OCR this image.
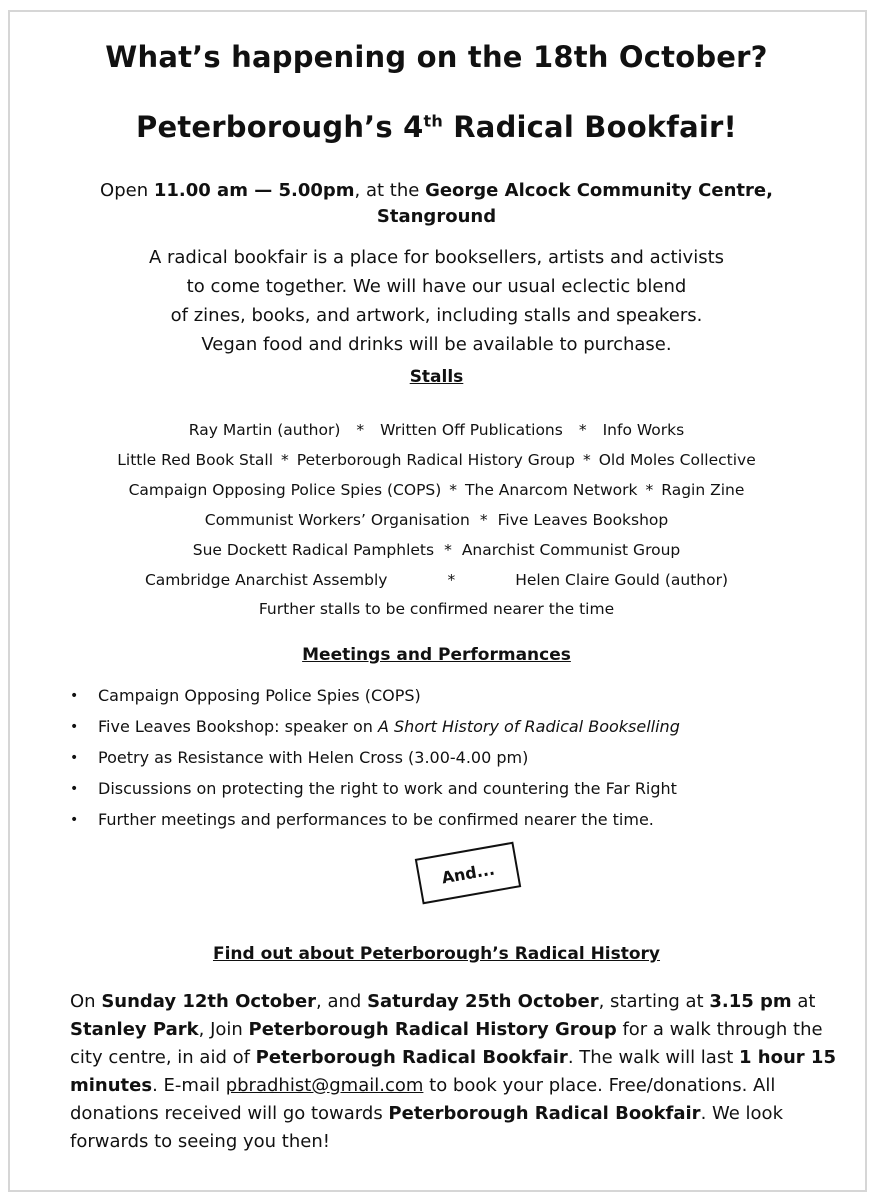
What’s happening on the 18th October?
Peterborough’s 4th Radical Bookfair!
Open 11.00 am — 5.00pm, at the George Alcock Community Centre,
Stanground
A radical bookfair is a place for booksellers, artists and activists
to come together. We will have our usual eclectic blend
of zines, books, and artwork, including stalls and speakers.
Vegan food and drinks will be available to purchase.
Stalls
Ray Martin (author) * Written Off Publications * Info Works
Little Red Book Stall * Peterborough Radical History Group * Old Moles Collective
Campaign Opposing Police Spies (COPS) * The Anarcom Network * Ragin Zine
Communist Workers’ Organisation * Five Leaves Bookshop
Sue Dockett Radical Pamphlets * Anarchist Communist Group
Cambridge Anarchist Assembly	*	Helen Claire Gould (author)
Further stalls to be confirmed nearer the time
Meetings and Performances
• Campaign Opposing Police Spies (COPS)
• Five Leaves Bookshop: speaker on A Short History of Radical Bookselling
• Poetry as Resistance with Helen Cross (3.00-4.00 pm)
• Discussions on protecting the right to work and countering the Far Right
• Further meetings and performances to be confirmed nearer the time.
And...
Find out about Peterborough’s Radical History
On Sunday 12th October, and Saturday 25th October, starting at 3.15 pm at Stanley Park, Join Peterborough Radical History Group for a walk through the city centre, in aid of Peterborough Radical Bookfair. The walk will last 1 hour 15 minutes. E-mail pbradhist@gmail.com to book your place. Free/donations. All donations received will go towards Peterborough Radical Bookfair. We look forwards to seeing you then!
